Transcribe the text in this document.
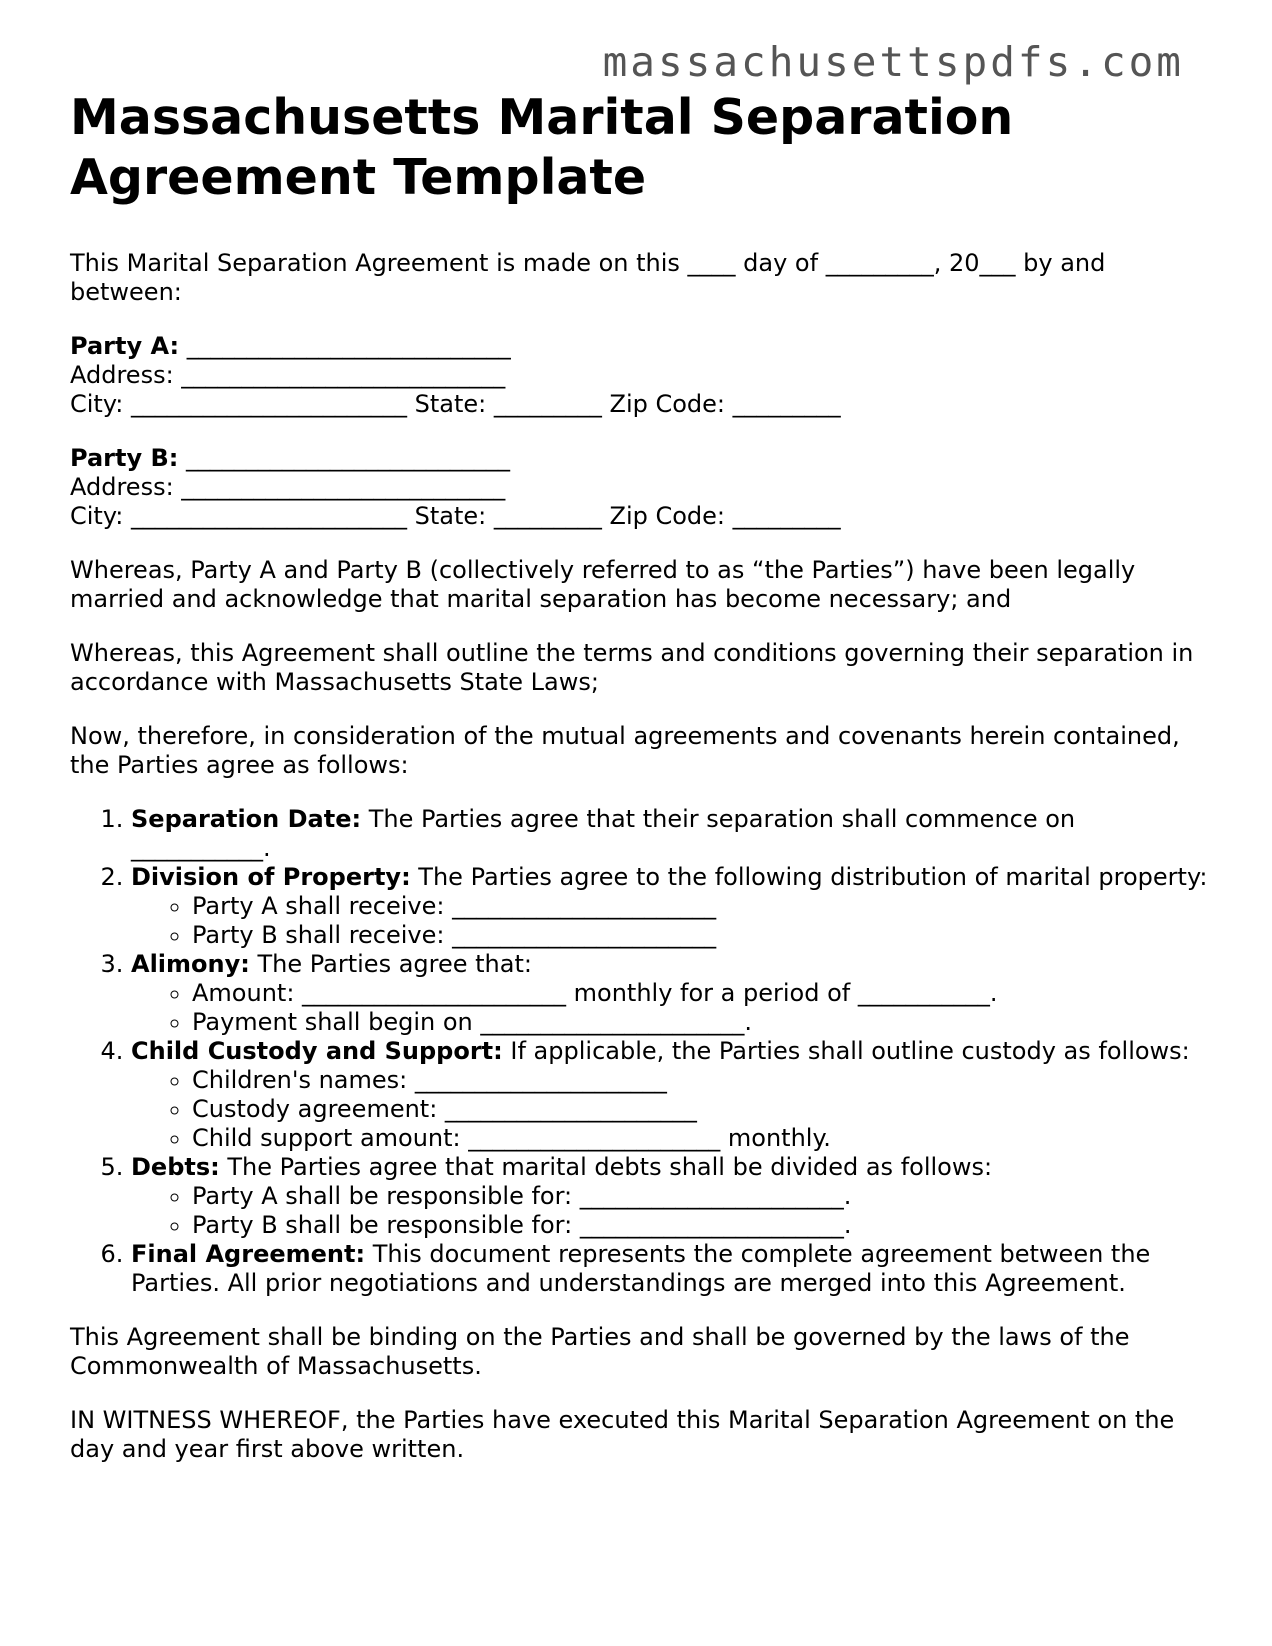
massachusettspdfs.com
Massachusetts Marital Separation
Agreement Template

This Marital Separation Agreement is made on this ____ day of _________, 20___ by and between:

Party A: ___________________________
Address: ___________________________
City: _______________________ State: _________ Zip Code: _________
Party B: ___________________________
Address: ___________________________
City: _______________________ State: _________ Zip Code: _________

Whereas, Party A and Party B (collectively referred to as “the Parties”) have been legally married and acknowledge that marital separation has become necessary; and

Whereas, this Agreement shall outline the terms and conditions governing their separation in accordance with Massachusetts State Laws;

Now, therefore, in consideration of the mutual agreements and covenants herein contained, the Parties agree as follows:

1. Separation Date: The Parties agree that their separation shall commence on ___________.
2. Division of Property: The Parties agree to the following distribution of marital property:
◦ Party A shall receive: ______________________
◦ Party B shall receive: ______________________
3. Alimony: The Parties agree that:
◦ Amount: ______________________ monthly for a period of ___________.
◦ Payment shall begin on ______________________.
4. Child Custody and Support: If applicable, the Parties shall outline custody as follows:
◦ Children's names: _____________________
◦ Custody agreement: _____________________
◦ Child support amount: _____________________ monthly.
5. Debts: The Parties agree that marital debts shall be divided as follows:
◦ Party A shall be responsible for: ______________________.
◦ Party B shall be responsible for: ______________________.
6. Final Agreement: This document represents the complete agreement between the Parties. All prior negotiations and understandings are merged into this Agreement.

This Agreement shall be binding on the Parties and shall be governed by the laws of the Commonwealth of Massachusetts.

IN WITNESS WHEREOF, the Parties have executed this Marital Separation Agreement on the day and year first above written.
